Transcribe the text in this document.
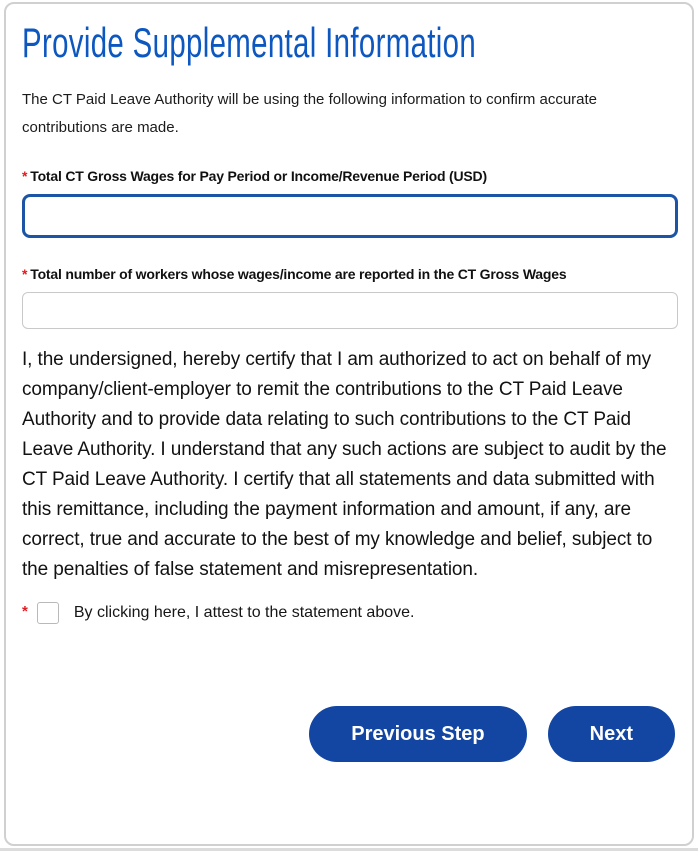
Provide Supplemental Information

The CT Paid Leave Authority will be using the following information to confirm accurate contributions are made.

* Total CT Gross Wages for Pay Period or Income/Revenue Period (USD)
* Total number of workers whose wages/income are reported in the CT Gross Wages

I, the undersigned, hereby certify that I am authorized to act on behalf of my company/client-employer to remit the contributions to the CT Paid Leave Authority and to provide data relating to such contributions to the CT Paid Leave Authority. I understand that any such actions are subject to audit by the CT Paid Leave Authority. I certify that all statements and data submitted with this remittance, including the payment information and amount, if any, are correct, true and accurate to the best of my knowledge and belief, subject to the penalties of false statement and misrepresentation.

*	By clicking here, I attest to the statement above.
Previous Step	Next
